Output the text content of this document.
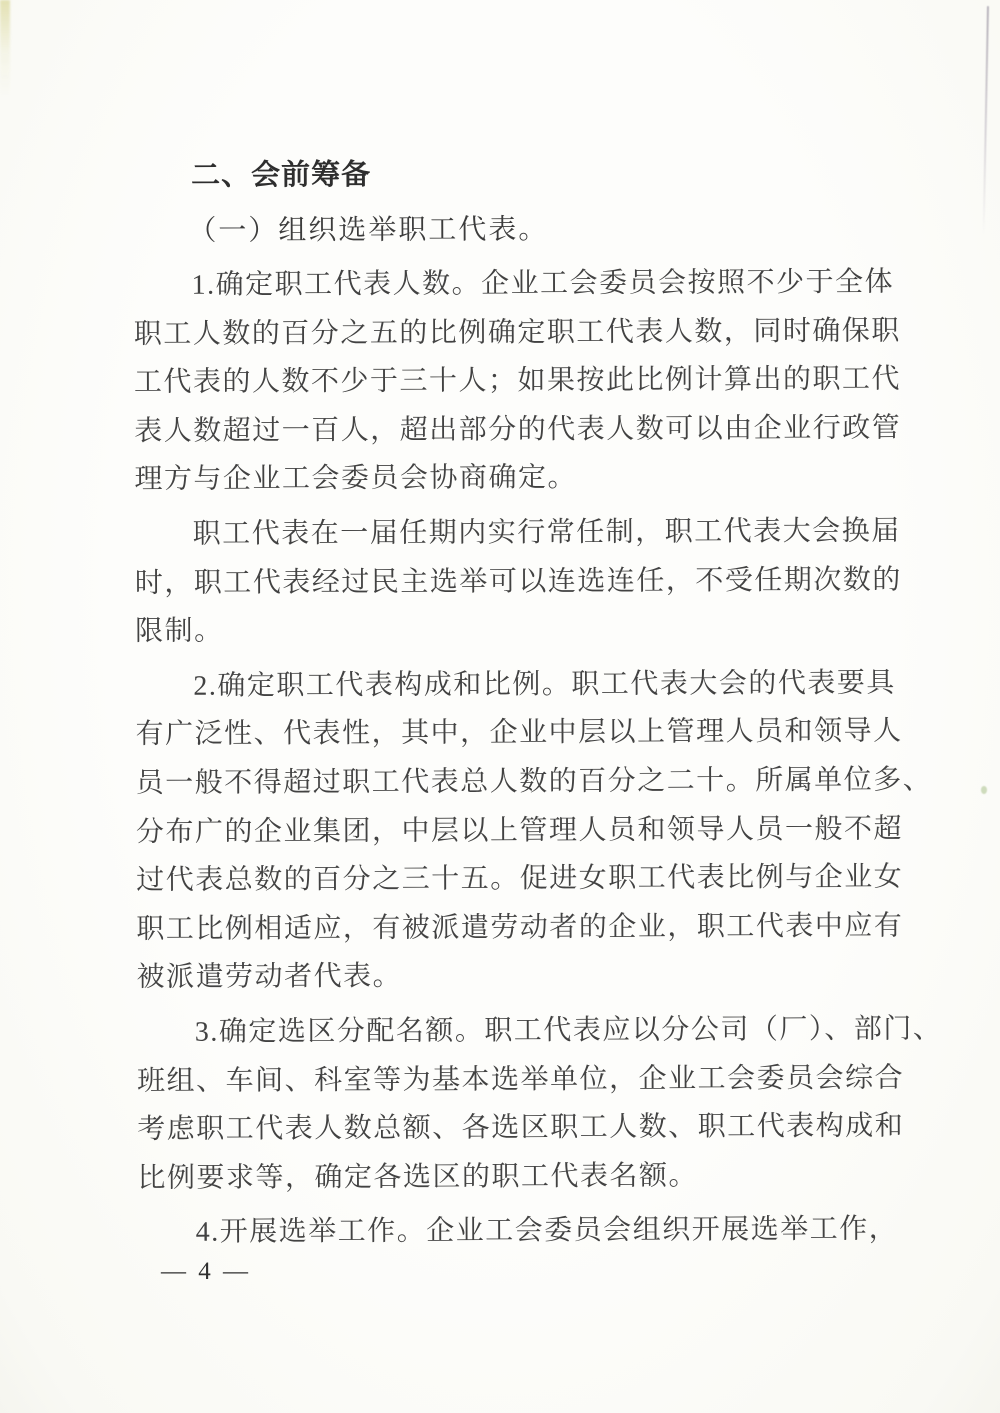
二、会前筹备
（一）组织选举职工代表。
1.确定职工代表人数。企业工会委员会按照不少于全体
职工人数的百分之五的比例确定职工代表人数，同时确保职
工代表的人数不少于三十人；如果按此比例计算出的职工代
表人数超过一百人，超出部分的代表人数可以由企业行政管
理方与企业工会委员会协商确定。
职工代表在一届任期内实行常任制，职工代表大会换届
时，职工代表经过民主选举可以连选连任，不受任期次数的
限制。
2.确定职工代表构成和比例。职工代表大会的代表要具
有广泛性、代表性，其中，企业中层以上管理人员和领导人
员一般不得超过职工代表总人数的百分之二十。所属单位多、
分布广的企业集团，中层以上管理人员和领导人员一般不超
过代表总数的百分之三十五。促进女职工代表比例与企业女
职工比例相适应，有被派遣劳动者的企业，职工代表中应有
被派遣劳动者代表。
3.确定选区分配名额。职工代表应以分公司（厂）、部门、
班组、车间、科室等为基本选举单位，企业工会委员会综合
考虑职工代表人数总额、各选区职工人数、职工代表构成和
比例要求等，确定各选区的职工代表名额。
4.开展选举工作。企业工会委员会组织开展选举工作，
— 4 —
